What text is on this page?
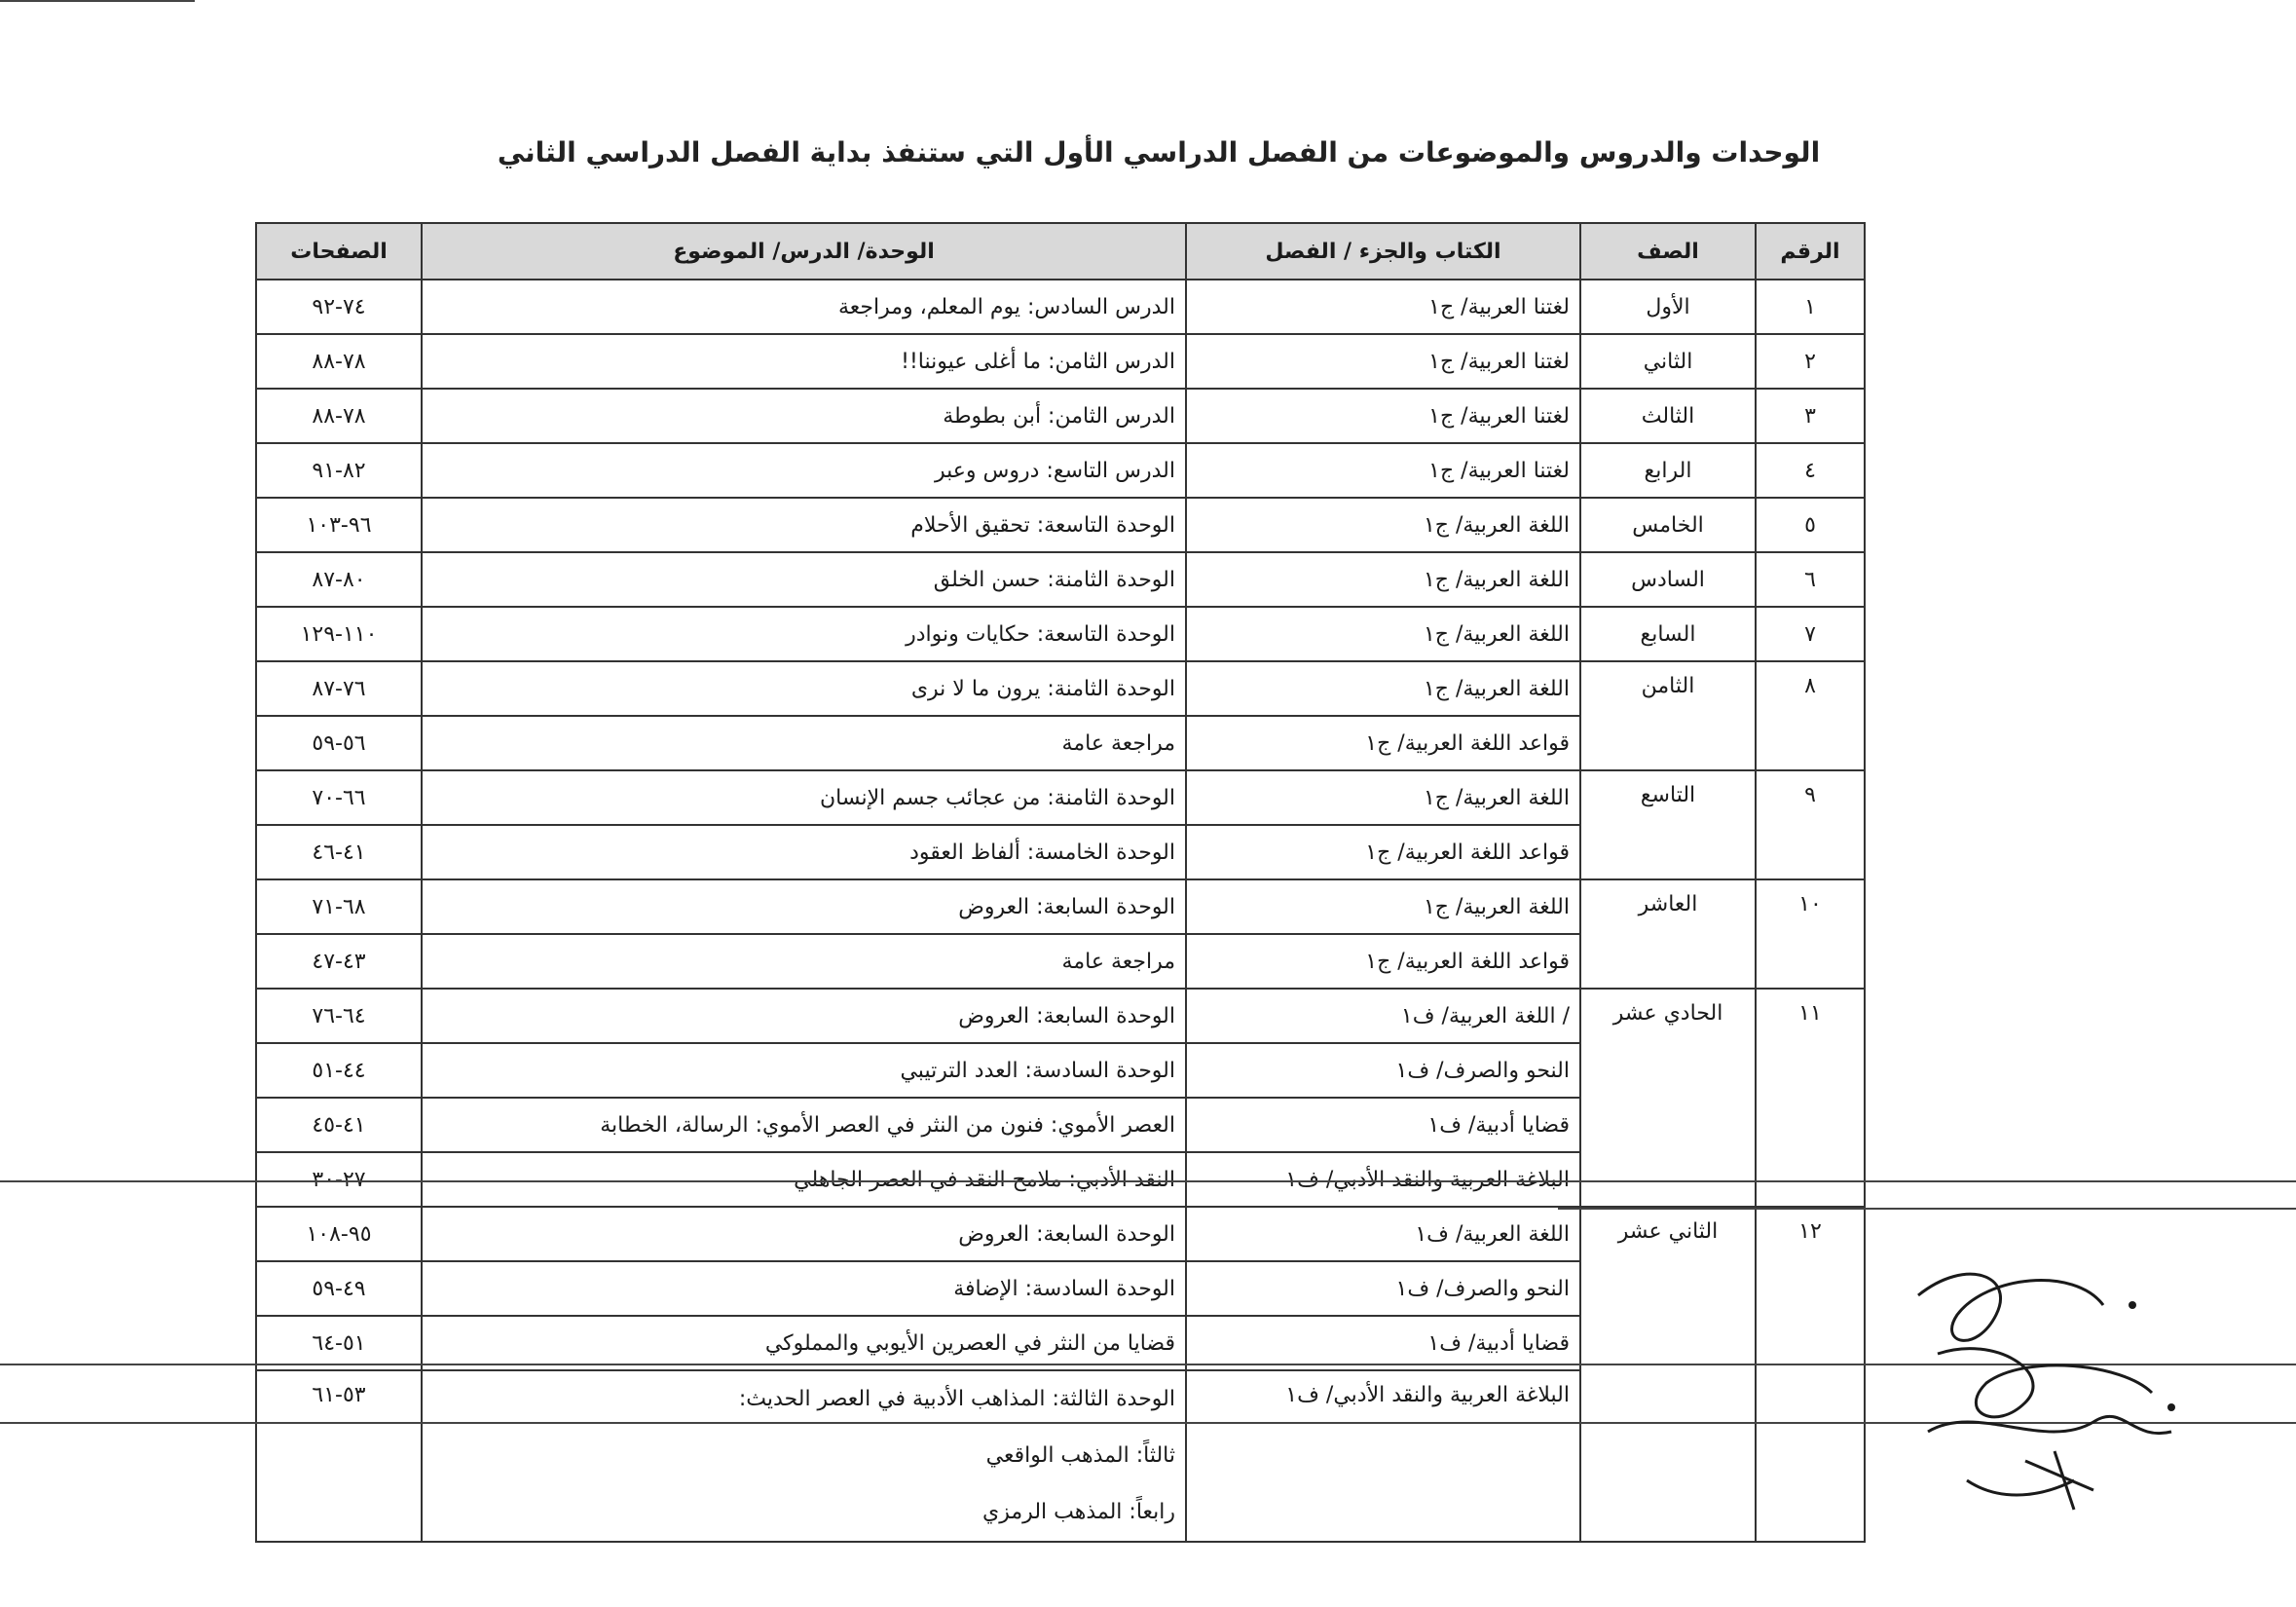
الوحدات والدروس والموضوعات من الفصل الدراسي الأول التي ستنفذ بداية الفصل الدراسي الثاني
الرقم	الصف	الكتاب والجزء / الفصل	الوحدة/ الدرس/ الموضوع	الصفحات
١	الأول	لغتنا العربية/ ج١	الدرس السادس: يوم المعلم، ومراجعة	٧٤-٩٢
٢	الثاني	لغتنا العربية/ ج١	الدرس الثامن: ما أغلى عيوننا!!	٧٨-٨٨
٣	الثالث	لغتنا العربية/ ج١	الدرس الثامن: أبن بطوطة	٧٨-٨٨
٤	الرابع	لغتنا العربية/ ج١	الدرس التاسع: دروس وعبر	٨٢-٩١
٥	الخامس	اللغة العربية/ ج١	الوحدة التاسعة: تحقيق الأحلام	٩٦-١٠٣
٦	السادس	اللغة العربية/ ج١	الوحدة الثامنة: حسن الخلق	٨٠-٨٧
٧	السابع	اللغة العربية/ ج١	الوحدة التاسعة: حكايات ونوادر	١١٠-١٢٩
٨	الثامن	اللغة العربية/ ج١	الوحدة الثامنة: يرون ما لا نرى	٧٦-٨٧
		قواعد اللغة العربية/ ج١	مراجعة عامة	٥٦-٥٩
٩	التاسع	اللغة العربية/ ج١	الوحدة الثامنة: من عجائب جسم الإنسان	٦٦-٧٠
		قواعد اللغة العربية/ ج١	الوحدة الخامسة: ألفاظ العقود	٤١-٤٦
١٠	العاشر	اللغة العربية/ ج١	الوحدة السابعة: العروض	٦٨-٧١
		قواعد اللغة العربية/ ج١	مراجعة عامة	٤٣-٤٧
١١	الحادي عشر	/ اللغة العربية/ ف١	الوحدة السابعة: العروض	٦٤-٧٦
		النحو والصرف/ ف١	الوحدة السادسة: العدد الترتيبي	٤٤-٥١
		قضايا أدبية/ ف١	العصر الأموي: فنون من النثر في العصر الأموي: الرسالة، الخطابة	٤١-٤٥
		البلاغة العربية والنقد الأدبي/ ف١	النقد الأدبي: ملامح النقد في العصر الجاهلي	٢٧-٣٠
١٢	الثاني عشر	اللغة العربية/ ف١	الوحدة السابعة: العروض	٩٥-١٠٨
		النحو والصرف/ ف١	الوحدة السادسة: الإضافة	٤٩-٥٩
		قضايا أدبية/ ف١	قضايا من النثر في العصرين الأيوبي والمملوكي	٥١-٦٤
		البلاغة العربية والنقد الأدبي/ ف١	الوحدة الثالثة: المذاهب الأدبية في العصر الحديث:
ثالثاً: المذهب الواقعي
رابعاً: المذهب الرمزي	٥٣-٦١
